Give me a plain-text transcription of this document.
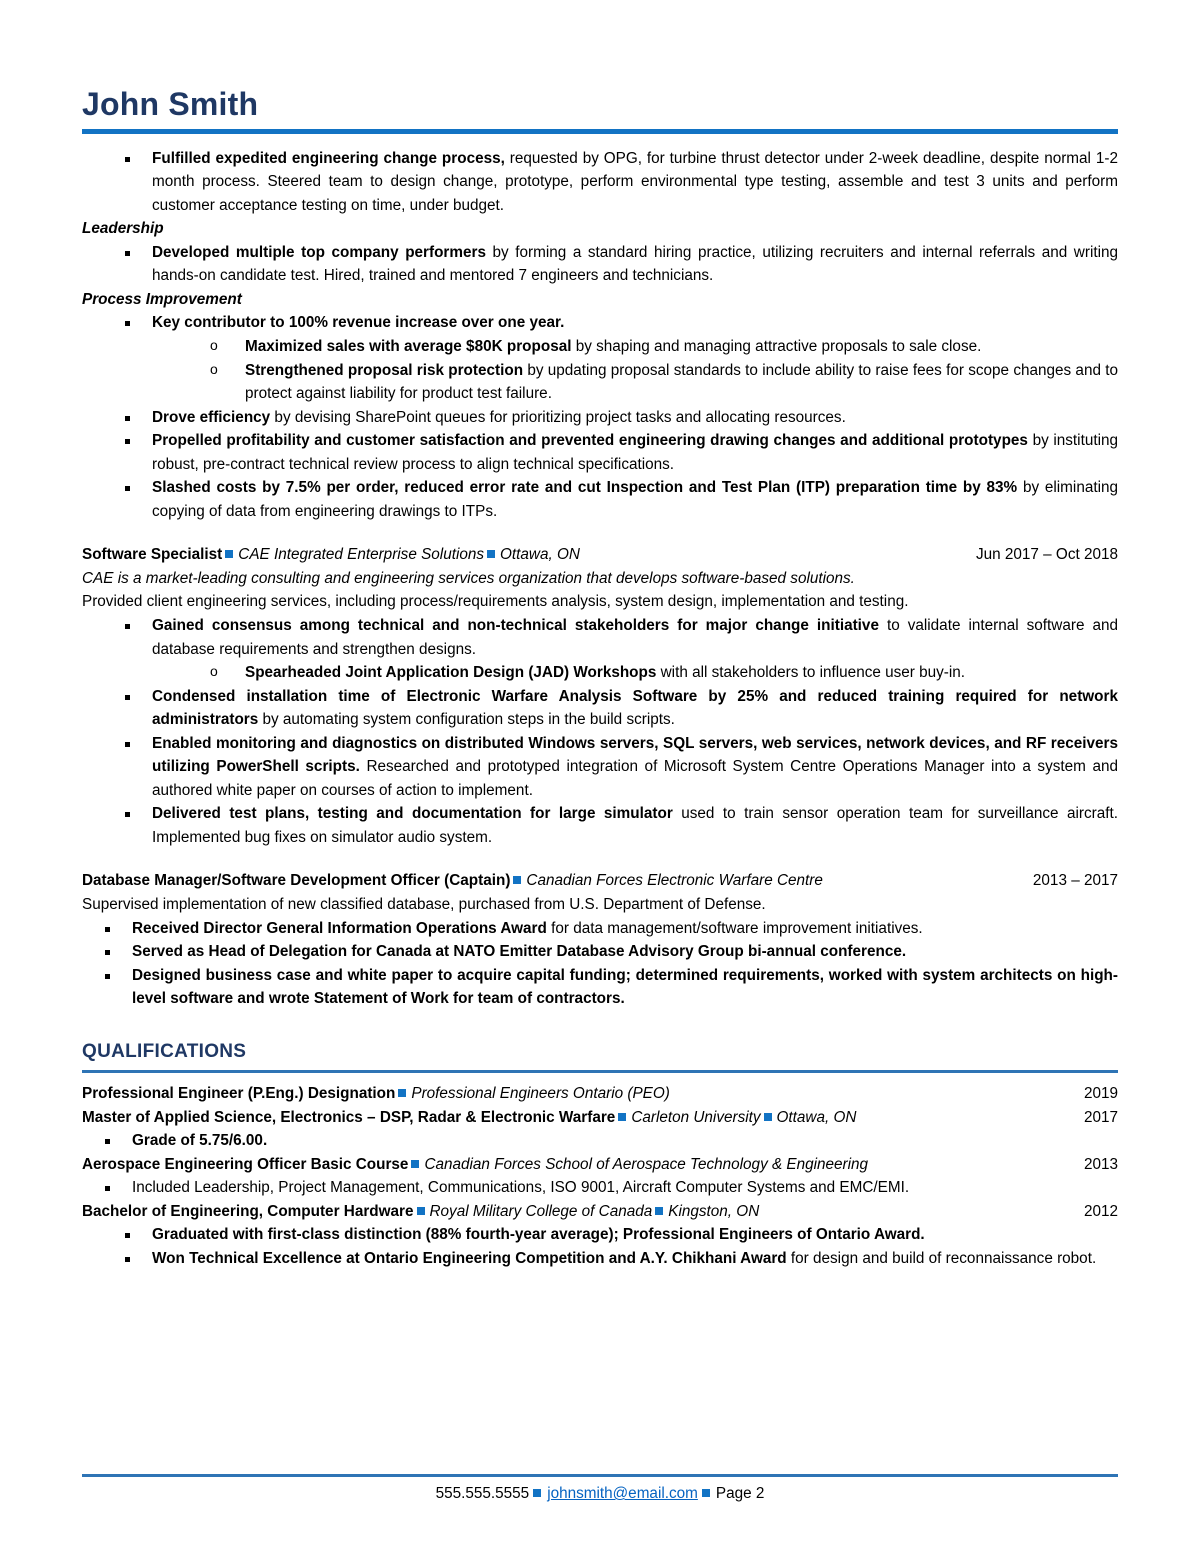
John Smith
Fulfilled expedited engineering change process, requested by OPG, for turbine thrust detector under 2-week deadline, despite normal 1-2 month process. Steered team to design change, prototype, perform environmental type testing, assemble and test 3 units and perform customer acceptance testing on time, under budget.
Leadership
Developed multiple top company performers by forming a standard hiring practice, utilizing recruiters and internal referrals and writing hands-on candidate test. Hired, trained and mentored 7 engineers and technicians.
Process Improvement
Key contributor to 100% revenue increase over one year.
o Maximized sales with average $80K proposal by shaping and managing attractive proposals to sale close.
o Strengthened proposal risk protection by updating proposal standards to include ability to raise fees for scope changes and to protect against liability for product test failure.
Drove efficiency by devising SharePoint queues for prioritizing project tasks and allocating resources.
Propelled profitability and customer satisfaction and prevented engineering drawing changes and additional prototypes by instituting robust, pre-contract technical review process to align technical specifications.
Slashed costs by 7.5% per order, reduced error rate and cut Inspection and Test Plan (ITP) preparation time by 83% by eliminating copying of data from engineering drawings to ITPs.
Software Specialist CAE Integrated Enterprise Solutions Ottawa, ON	Jun 2017 – Oct 2018
CAE is a market-leading consulting and engineering services organization that develops software-based solutions.
Provided client engineering services, including process/requirements analysis, system design, implementation and testing.
Gained consensus among technical and non-technical stakeholders for major change initiative to validate internal software and database requirements and strengthen designs.
o Spearheaded Joint Application Design (JAD) Workshops with all stakeholders to influence user buy-in.
Condensed installation time of Electronic Warfare Analysis Software by 25% and reduced training required for network administrators by automating system configuration steps in the build scripts.
Enabled monitoring and diagnostics on distributed Windows servers, SQL servers, web services, network devices, and RF receivers utilizing PowerShell scripts. Researched and prototyped integration of Microsoft System Centre Operations Manager into a system and authored white paper on courses of action to implement.
Delivered test plans, testing and documentation for large simulator used to train sensor operation team for surveillance aircraft. Implemented bug fixes on simulator audio system.
Database Manager/Software Development Officer (Captain) Canadian Forces Electronic Warfare Centre	2013 – 2017
Supervised implementation of new classified database, purchased from U.S. Department of Defense.
Received Director General Information Operations Award for data management/software improvement initiatives.
Served as Head of Delegation for Canada at NATO Emitter Database Advisory Group bi-annual conference.
Designed business case and white paper to acquire capital funding; determined requirements, worked with system architects on high-level software and wrote Statement of Work for team of contractors.
QUALIFICATIONS
Professional Engineer (P.Eng.) Designation Professional Engineers Ontario (PEO)	2019
Master of Applied Science, Electronics – DSP, Radar & Electronic Warfare Carleton University Ottawa, ON	2017
Grade of 5.75/6.00.
Aerospace Engineering Officer Basic Course Canadian Forces School of Aerospace Technology & Engineering	2013
Included Leadership, Project Management, Communications, ISO 9001, Aircraft Computer Systems and EMC/EMI.
Bachelor of Engineering, Computer Hardware Royal Military College of Canada Kingston, ON	2012
Graduated with first-class distinction (88% fourth-year average); Professional Engineers of Ontario Award.
Won Technical Excellence at Ontario Engineering Competition and A.Y. Chikhani Award for design and build of reconnaissance robot.
555.555.5555 johnsmith@email.com Page 2
